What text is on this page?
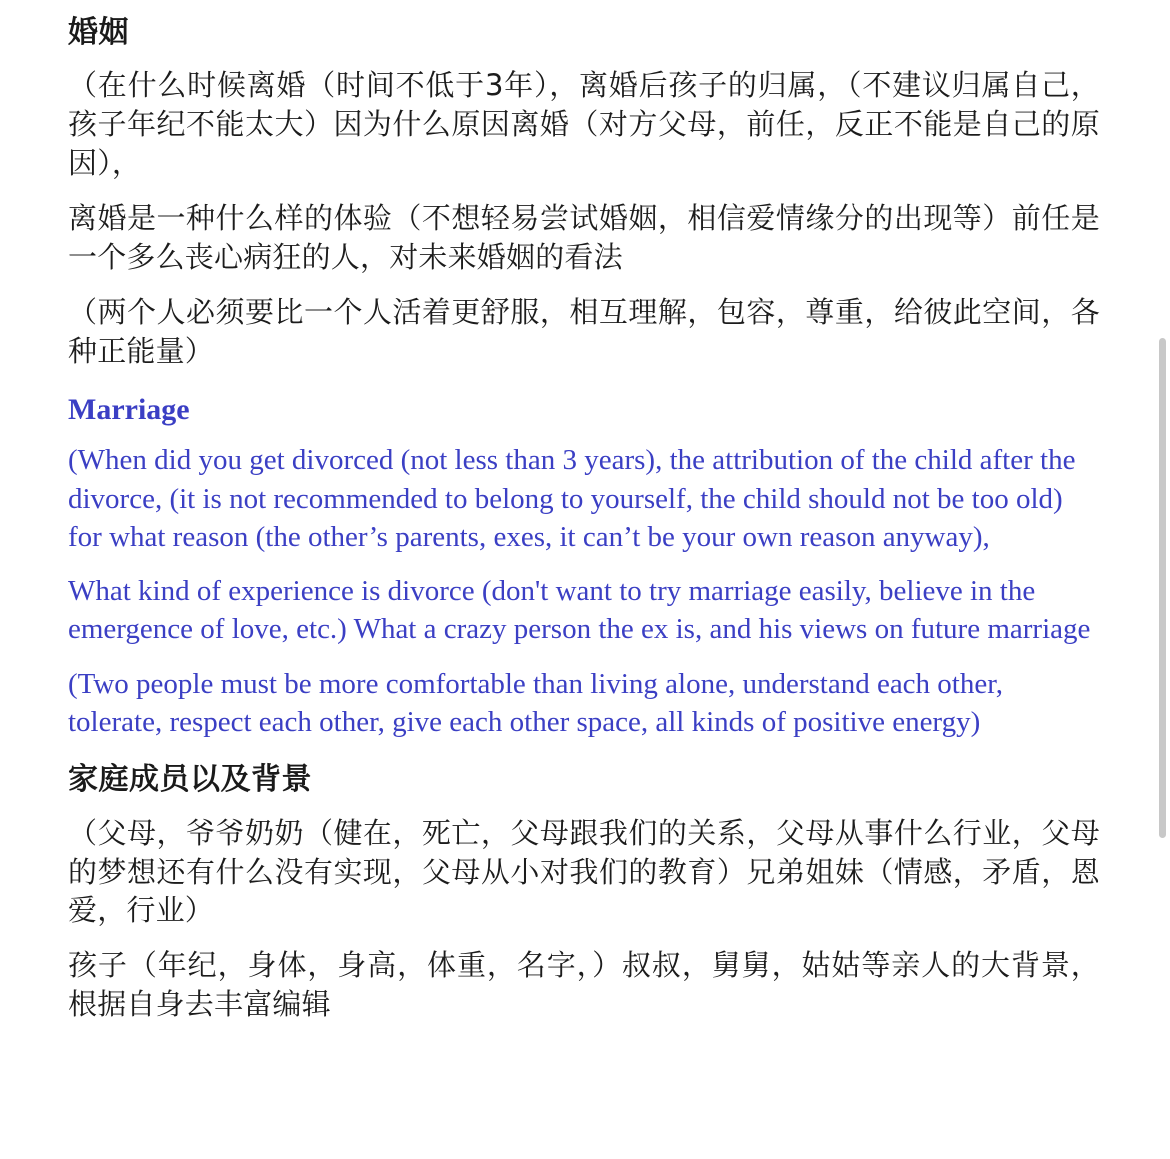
婚姻

（在什么时候离婚（时间不低于3年），离婚后孩子的归属，（不建议归属自己，孩子年纪不能太大）因为什么原因离婚（对方父母，前任，反正不能是自己的原因），

离婚是一种什么样的体验（不想轻易尝试婚姻，相信爱情缘分的出现等）前任是一个多么丧心病狂的人，对未来婚姻的看法

（两个人必须要比一个人活着更舒服，相互理解，包容，尊重，给彼此空间，各种正能量）

Marriage

(When did you get divorced (not less than 3 years), the attribution of the child after the divorce, (it is not recommended to belong to yourself, the child should not be too old) for what reason (the other’s parents, exes, it can’t be your own reason anyway),

What kind of experience is divorce (don't want to try marriage easily, believe in the emergence of love, etc.) What a crazy person the ex is, and his views on future marriage

(Two people must be more comfortable than living alone, understand each other, tolerate, respect each other, give each other space, all kinds of positive energy)

家庭成员以及背景

（父母，爷爷奶奶（健在，死亡，父母跟我们的关系，父母从事什么行业，父母的梦想还有什么没有实现，父母从小对我们的教育）兄弟姐妹（情感，矛盾，恩爱，行业）

孩子（年纪，身体，身高，体重，名字，）叔叔，舅舅，姑姑等亲人的大背景，根据自身去丰富编辑
